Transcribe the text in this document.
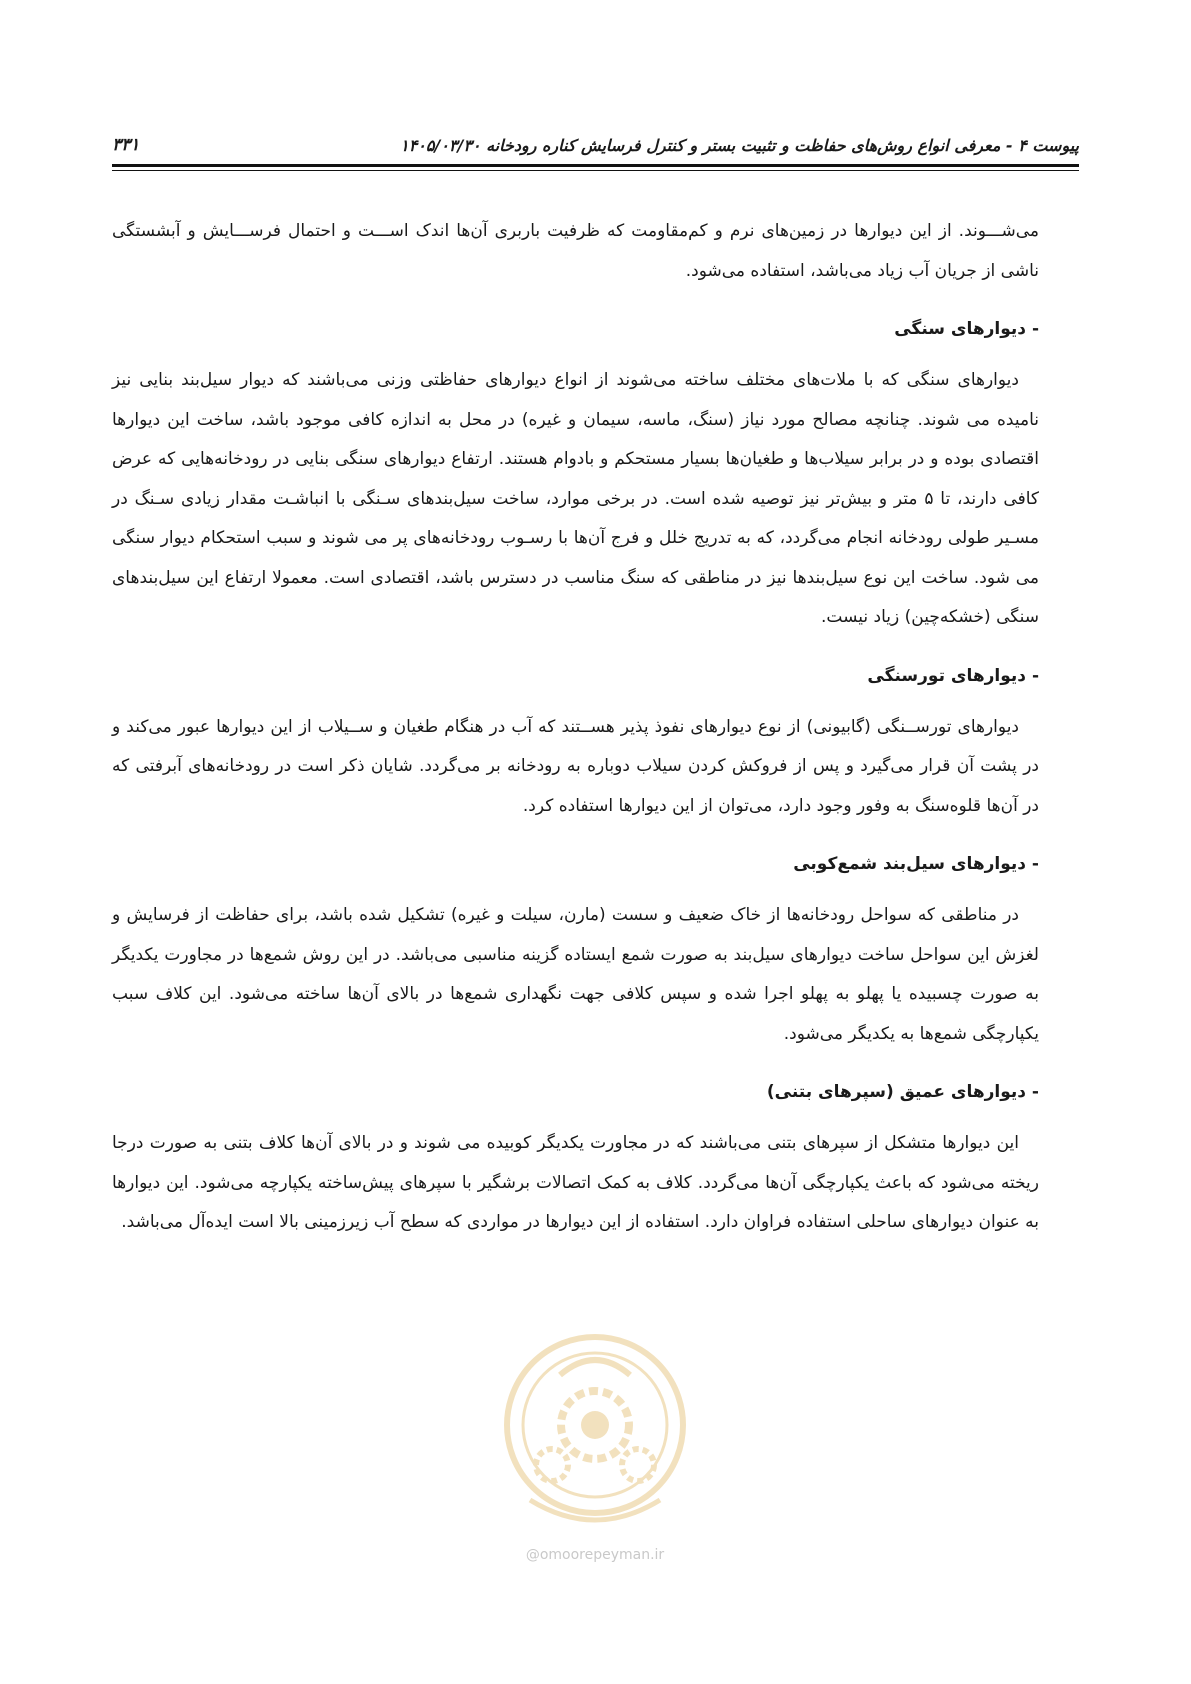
پیوست ۴ - معرفی انواع روش‌های حفاظت و تثبیت بستر و کنترل فرسایش کناره رودخانه ۱۴۰۵/۰۳/۳۰
۳۳۱

می‌شـــوند. از این دیوارها در زمین‌های نرم و کم‌مقاومت که ظرفیت باربری آن‌ها اندک اســـت و احتمال فرســـایش و آبشستگی ناشی از جریان آب زیاد می‌باشد، استفاده می‌شود.

- دیوارهای سنگی

دیوارهای سنگی که با ملات‌های مختلف ساخته می‌شوند از انواع دیوارهای حفاظتی وزنی می‌باشند که دیوار سیل‌بند بنایی نیز نامیده می شوند. چنانچه مصالح مورد نیاز (سنگ، ماسه، سیمان و غیره) در محل به اندازه کافی موجود باشد، ساخت این دیوارها اقتصادی بوده و در برابر سیلاب‌ها و طغیان‌ها بسیار مستحکم و بادوام هستند. ارتفاع دیوارهای سنگی بنایی در رودخانه‌هایی که عرض کافی دارند، تا ۵ متر و بیش‌تر نیز توصیه شده است. در برخی موارد، ساخت سیل‌بندهای سـنگی با انباشـت مقدار زیادی سـنگ در مسـیر طولی رودخانه انجام می‌گردد، که به تدریج خلل و فرج آن‌ها با رسـوب رودخانه‌های پر می شوند و سبب استحکام دیوار سنگی می شود. ساخت این نوع سیل‌بندها نیز در مناطقی که سنگ مناسب در دسترس باشد، اقتصادی است. معمولا ارتفاع این سیل‌بندهای سنگی (خشکه‌چین) زیاد نیست.

- دیوارهای تورسنگی

دیوارهای تورســنگی (گابیونی) از نوع دیوارهای نفوذ پذیر هســتند که آب در هنگام طغیان و ســیلاب از این دیوارها عبور می‌کند و در پشت آن قرار می‌گیرد و پس از فروکش کردن سیلاب دوباره به رودخانه بر می‌گردد. شایان ذکر است در رودخانه‌های آبرفتی که در آن‌ها قلوه‌سنگ به وفور وجود دارد، می‌توان از این دیوارها استفاده کرد.

- دیوارهای سیل‌بند شمع‌کوبی

در مناطقی که سواحل رودخانه‌ها از خاک ضعیف و سست (مارن، سیلت و غیره) تشکیل شده باشد، برای حفاظت از فرسایش و لغزش این سواحل ساخت دیوارهای سیل‌بند به صورت شمع ایستاده گزینه مناسبی می‌باشد. در این روش شمع‌ها در مجاورت یکدیگر به صورت چسبیده یا پهلو به پهلو اجرا شده و سپس کلافی جهت نگهداری شمع‌ها در بالای آن‌ها ساخته می‌شود. این کلاف سبب یکپارچگی شمع‌ها به یکدیگر می‌شود.

- دیوارهای عمیق (سپرهای بتنی)

این دیوارها متشکل از سپرهای بتنی می‌باشند که در مجاورت یکدیگر کوبیده می شوند و در بالای آن‌ها کلاف بتنی به صورت درجا ریخته می‌شود که باعث یکپارچگی آن‌ها می‌گردد. کلاف به کمک اتصالات برشگیر با سپرهای پیش‌ساخته یکپارچه می‌شود. این دیوارها به عنوان دیوارهای ساحلی استفاده فراوان دارد. استفاده از این دیوارها در مواردی که سطح آب زیرزمینی بالا است ایده‌آل می‌باشد.

@omoorepeyman.ir
